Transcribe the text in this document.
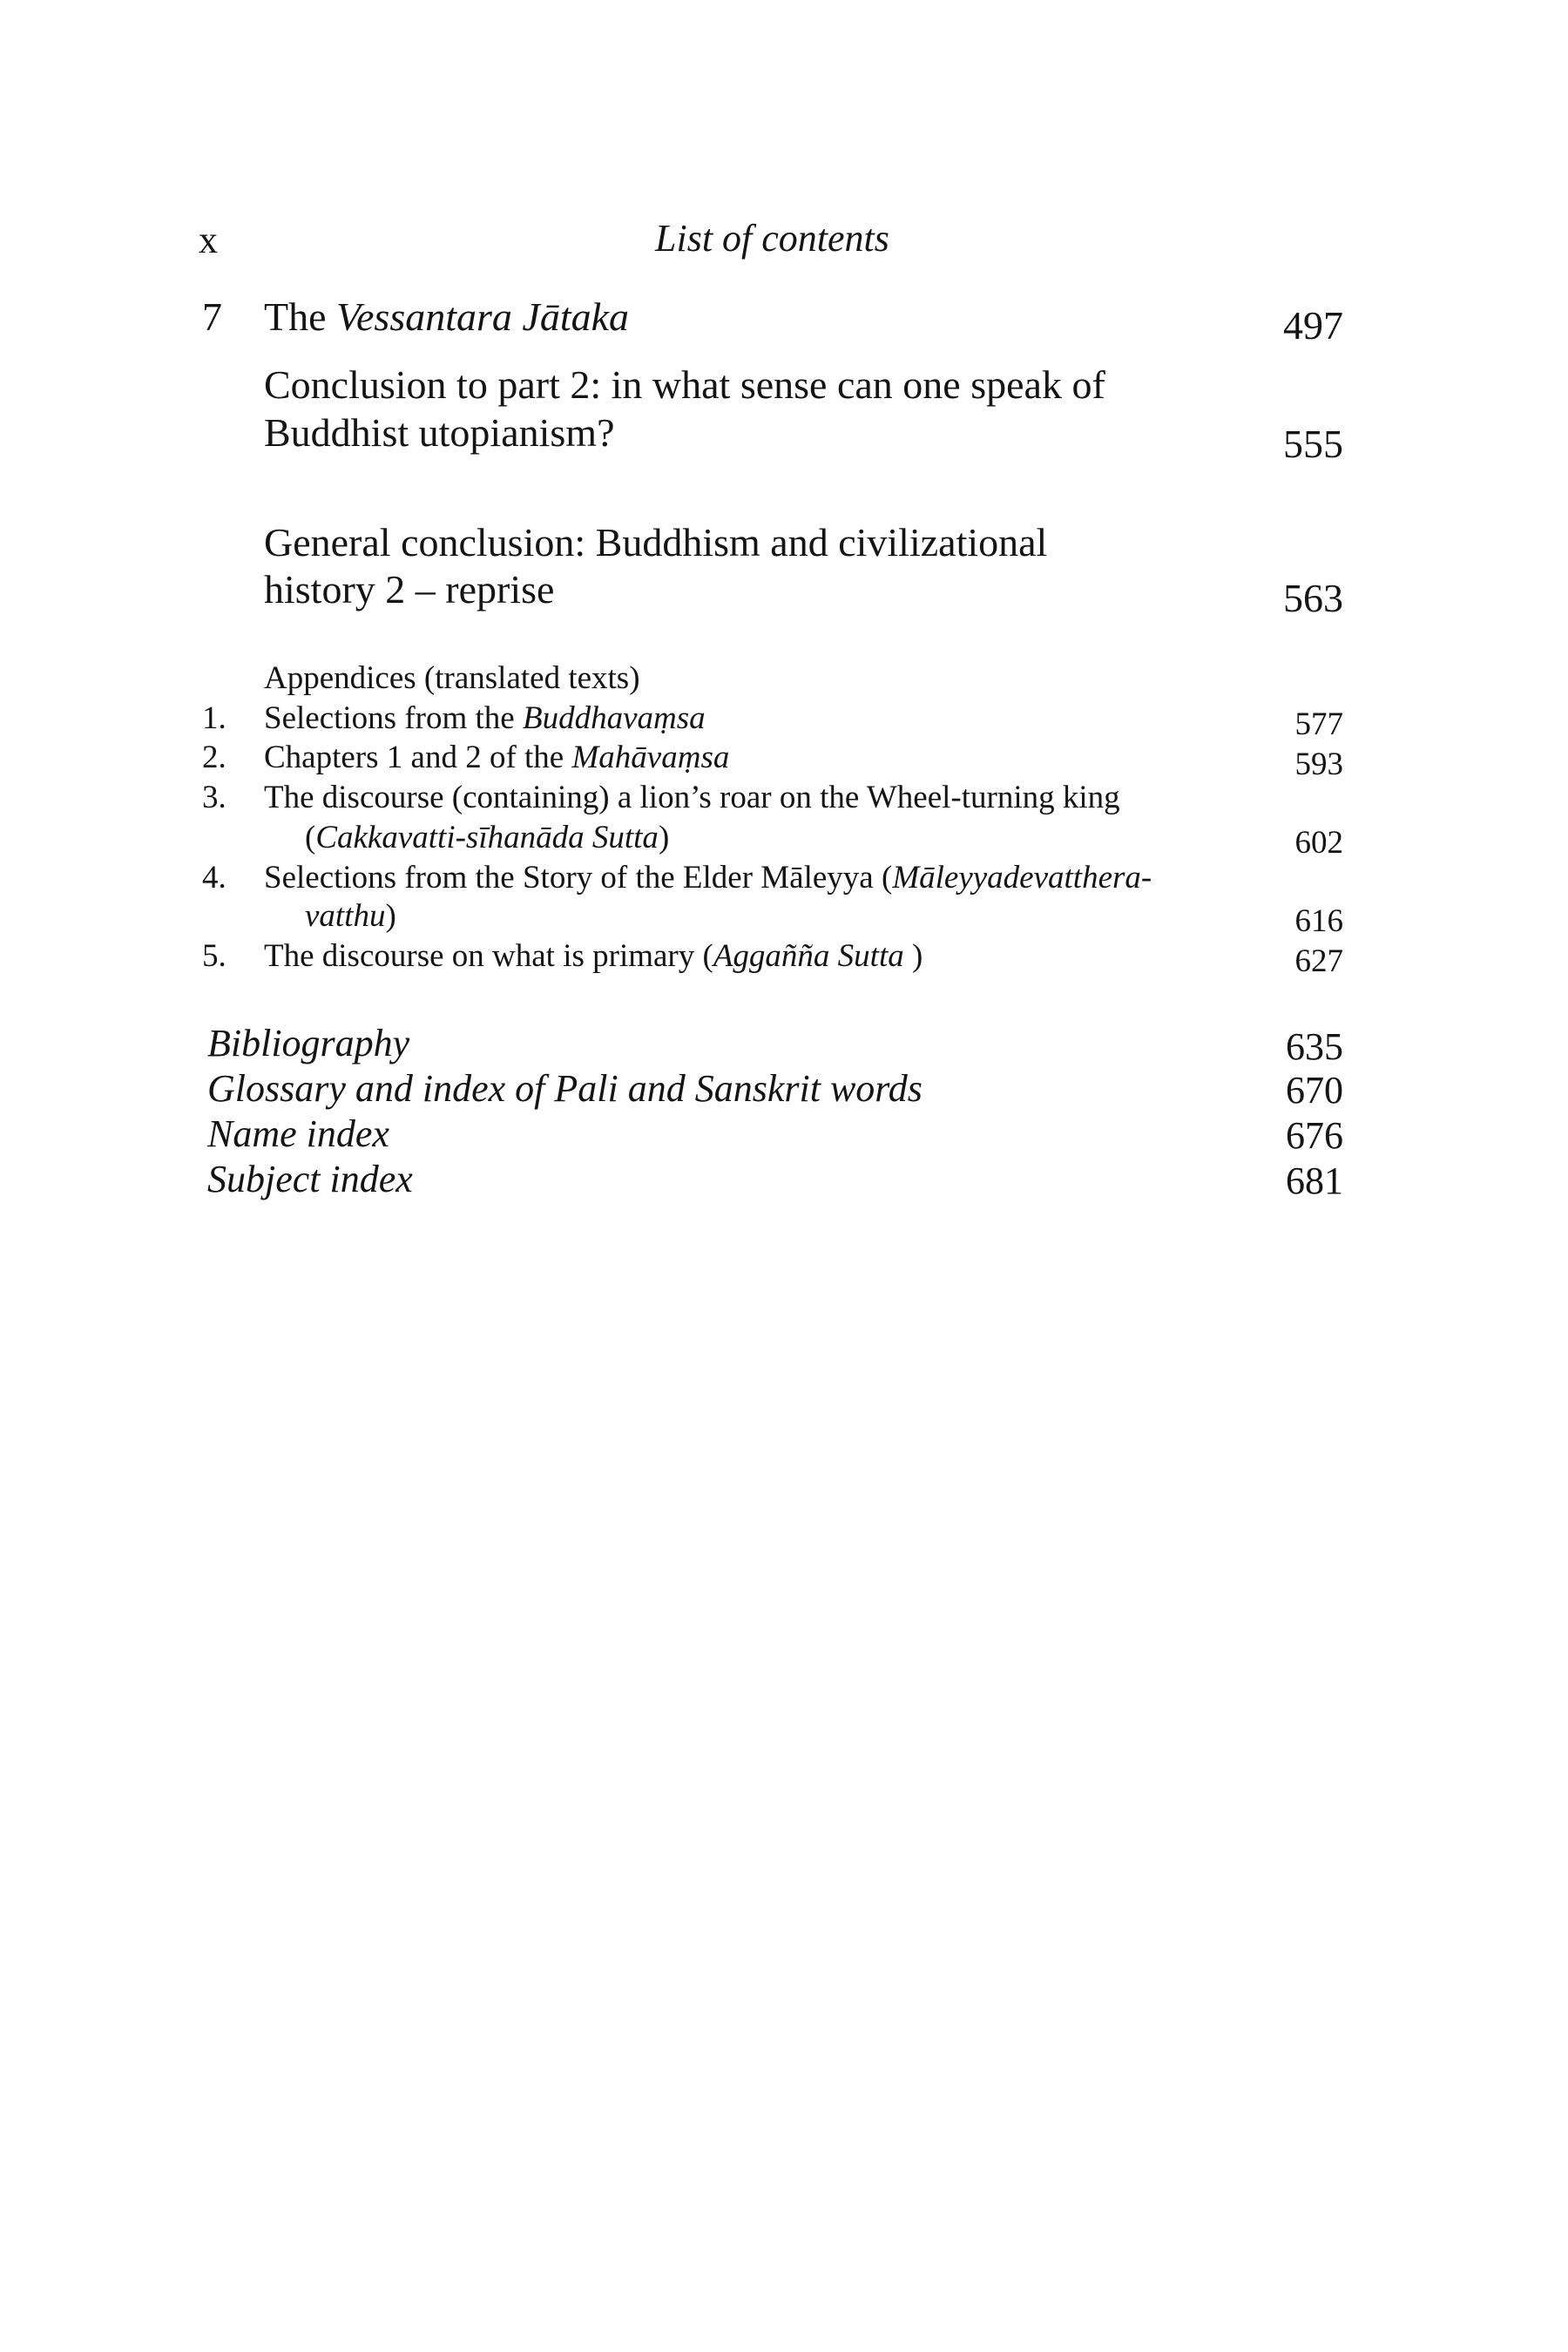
x	List of contents
7 The Vessantara Jātaka	497
Conclusion to part 2: in what sense can one speak of
Buddhist utopianism?	555
General conclusion: Buddhism and civilizational
history 2 – reprise	563
Appendices (translated texts)
1. Selections from the Buddhavaṃsa	577
2. Chapters 1 and 2 of the Mahāvaṃsa	593
3. The discourse (containing) a lion’s roar on the Wheel-turning king
(Cakkavatti-sīhanāda Sutta)	602
4. Selections from the Story of the Elder Māleyya (Māleyyadevatthera-
vatthu)	616
5. The discourse on what is primary (Aggañña Sutta )	627
Bibliography	635
Glossary and index of Pali and Sanskrit words	670
Name index	676
Subject index	681
